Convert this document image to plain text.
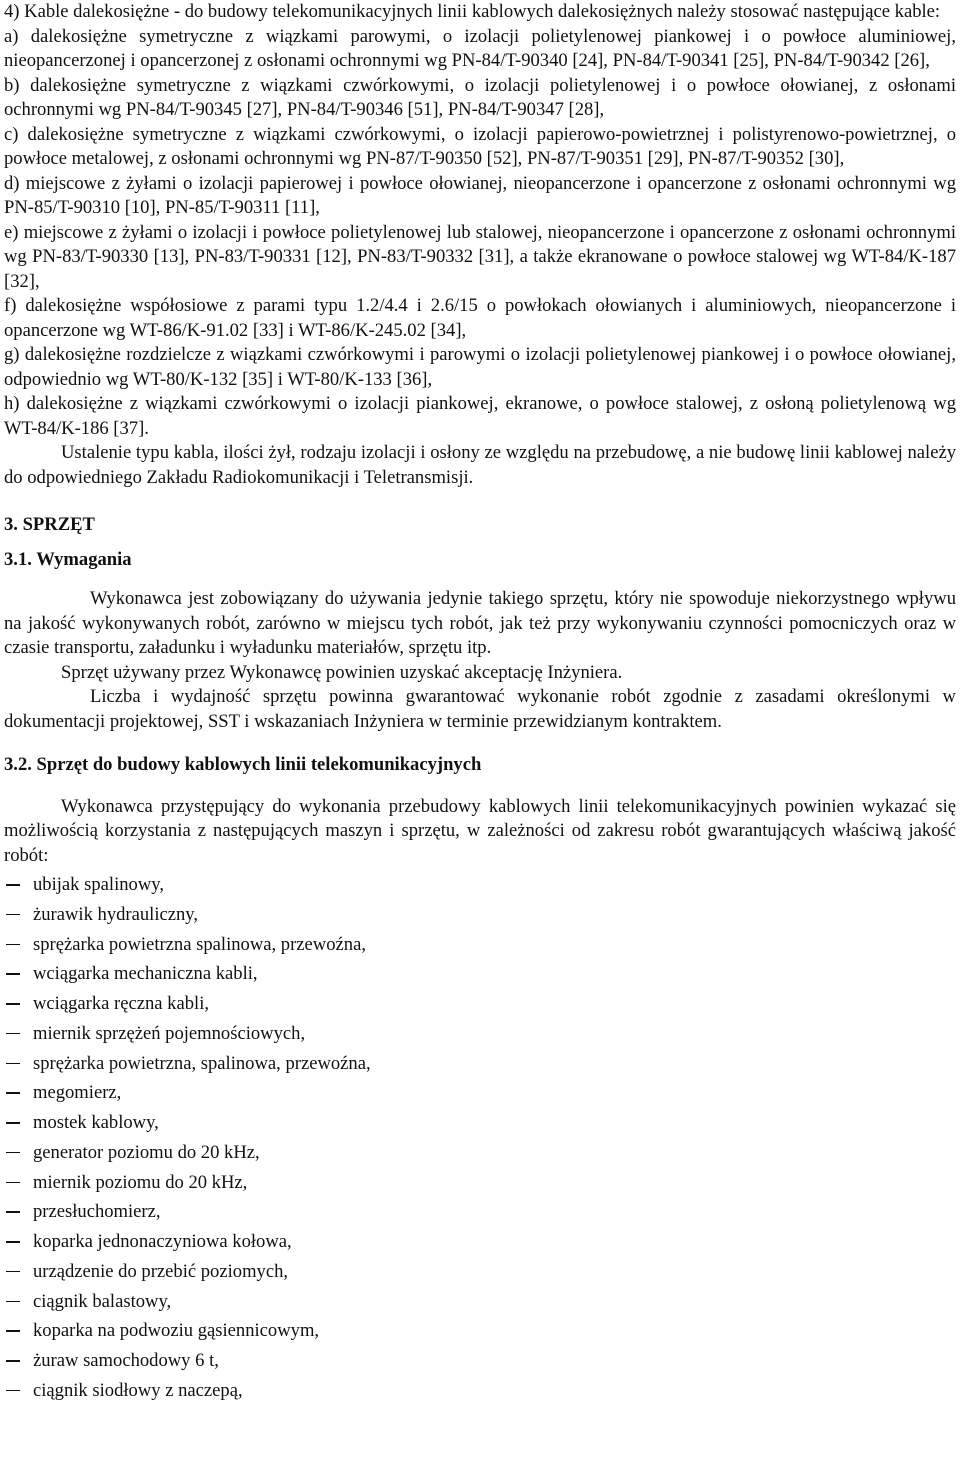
4) Kable dalekosiężne - do budowy telekomunikacyjnych linii kablowych dalekosiężnych należy stosować następujące kable:

a) dalekosiężne symetryczne z wiązkami parowymi, o izolacji polietylenowej piankowej i o powłoce aluminiowej, nieopancerzonej i opancerzonej z osłonami ochronnymi wg PN-84/T-90340 [24], PN-84/T-90341 [25], PN-84/T-90342 [26],

b) dalekosiężne symetryczne z wiązkami czwórkowymi, o izolacji polietylenowej i o powłoce ołowianej, z osłonami ochronnymi wg PN-84/T-90345 [27], PN-84/T-90346 [51], PN-84/T-90347 [28],

c) dalekosiężne symetryczne z wiązkami czwórkowymi, o izolacji papierowo-powietrznej i polistyrenowo-powietrznej, o powłoce metalowej, z osłonami ochronnymi wg PN-87/T-90350 [52], PN-87/T-90351 [29], PN-87/T-90352 [30],

d) miejscowe z żyłami o izolacji papierowej i powłoce ołowianej, nieopancerzone i opancerzone z osłonami ochronnymi wg PN-85/T-90310 [10], PN-85/T-90311 [11],

e) miejscowe z żyłami o izolacji i powłoce polietylenowej lub stalowej, nieopancerzone i opancerzone z osłonami ochronnymi wg PN-83/T-90330 [13], PN-83/T-90331 [12], PN-83/T-90332 [31], a także ekranowane o powłoce stalowej wg WT-84/K-187 [32],

f) dalekosiężne współosiowe z parami typu 1.2/4.4 i 2.6/15 o powłokach ołowianych i aluminiowych, nieopancerzone i opancerzone wg WT-86/K-91.02 [33] i WT-86/K-245.02 [34],

g) dalekosiężne rozdzielcze z wiązkami czwórkowymi i parowymi o izolacji polietylenowej piankowej i o powłoce ołowianej, odpowiednio wg WT-80/K-132 [35] i WT-80/K-133 [36],

h) dalekosiężne z wiązkami czwórkowymi o izolacji piankowej, ekranowe, o powłoce stalowej, z osłoną polietylenową wg WT-84/K-186 [37].

Ustalenie typu kabla, ilości żył, rodzaju izolacji i osłony ze względu na przebudowę, a nie budowę linii kablowej należy do odpowiedniego Zakładu Radiokomunikacji i Teletransmisji.

3. SPRZĘT
3.1. Wymagania

Wykonawca jest zobowiązany do używania jedynie takiego sprzętu, który nie spowoduje niekorzystnego wpływu na jakość wykonywanych robót, zarówno w miejscu tych robót, jak też przy wykonywaniu czynności pomocniczych oraz w czasie transportu, załadunku i wyładunku materiałów, sprzętu itp.

Sprzęt używany przez Wykonawcę powinien uzyskać akceptację Inżyniera.

Liczba i wydajność sprzętu powinna gwarantować wykonanie robót zgodnie z zasadami określonymi w dokumentacji projektowej, SST i wskazaniach Inżyniera w terminie przewidzianym kontraktem.

3.2. Sprzęt do budowy kablowych linii telekomunikacyjnych

Wykonawca przystępujący do wykonania przebudowy kablowych linii telekomunikacyjnych powinien wykazać się możliwością korzystania z następujących maszyn i sprzętu, w zależności od zakresu robót gwarantujących właściwą jakość robót:

ubijak spalinowy,
żurawik hydrauliczny,
sprężarka powietrzna spalinowa, przewoźna,
wciągarka mechaniczna kabli,
wciągarka ręczna kabli,
miernik sprzężeń pojemnościowych,
sprężarka powietrzna, spalinowa, przewoźna,
megomierz,
mostek kablowy,
generator poziomu do 20 kHz,
miernik poziomu do 20 kHz,
przesłuchomierz,
koparka jednonaczyniowa kołowa,
urządzenie do przebić poziomych,
ciągnik balastowy,
koparka na podwoziu gąsiennicowym,
żuraw samochodowy 6 t,
ciągnik siodłowy z naczepą,
